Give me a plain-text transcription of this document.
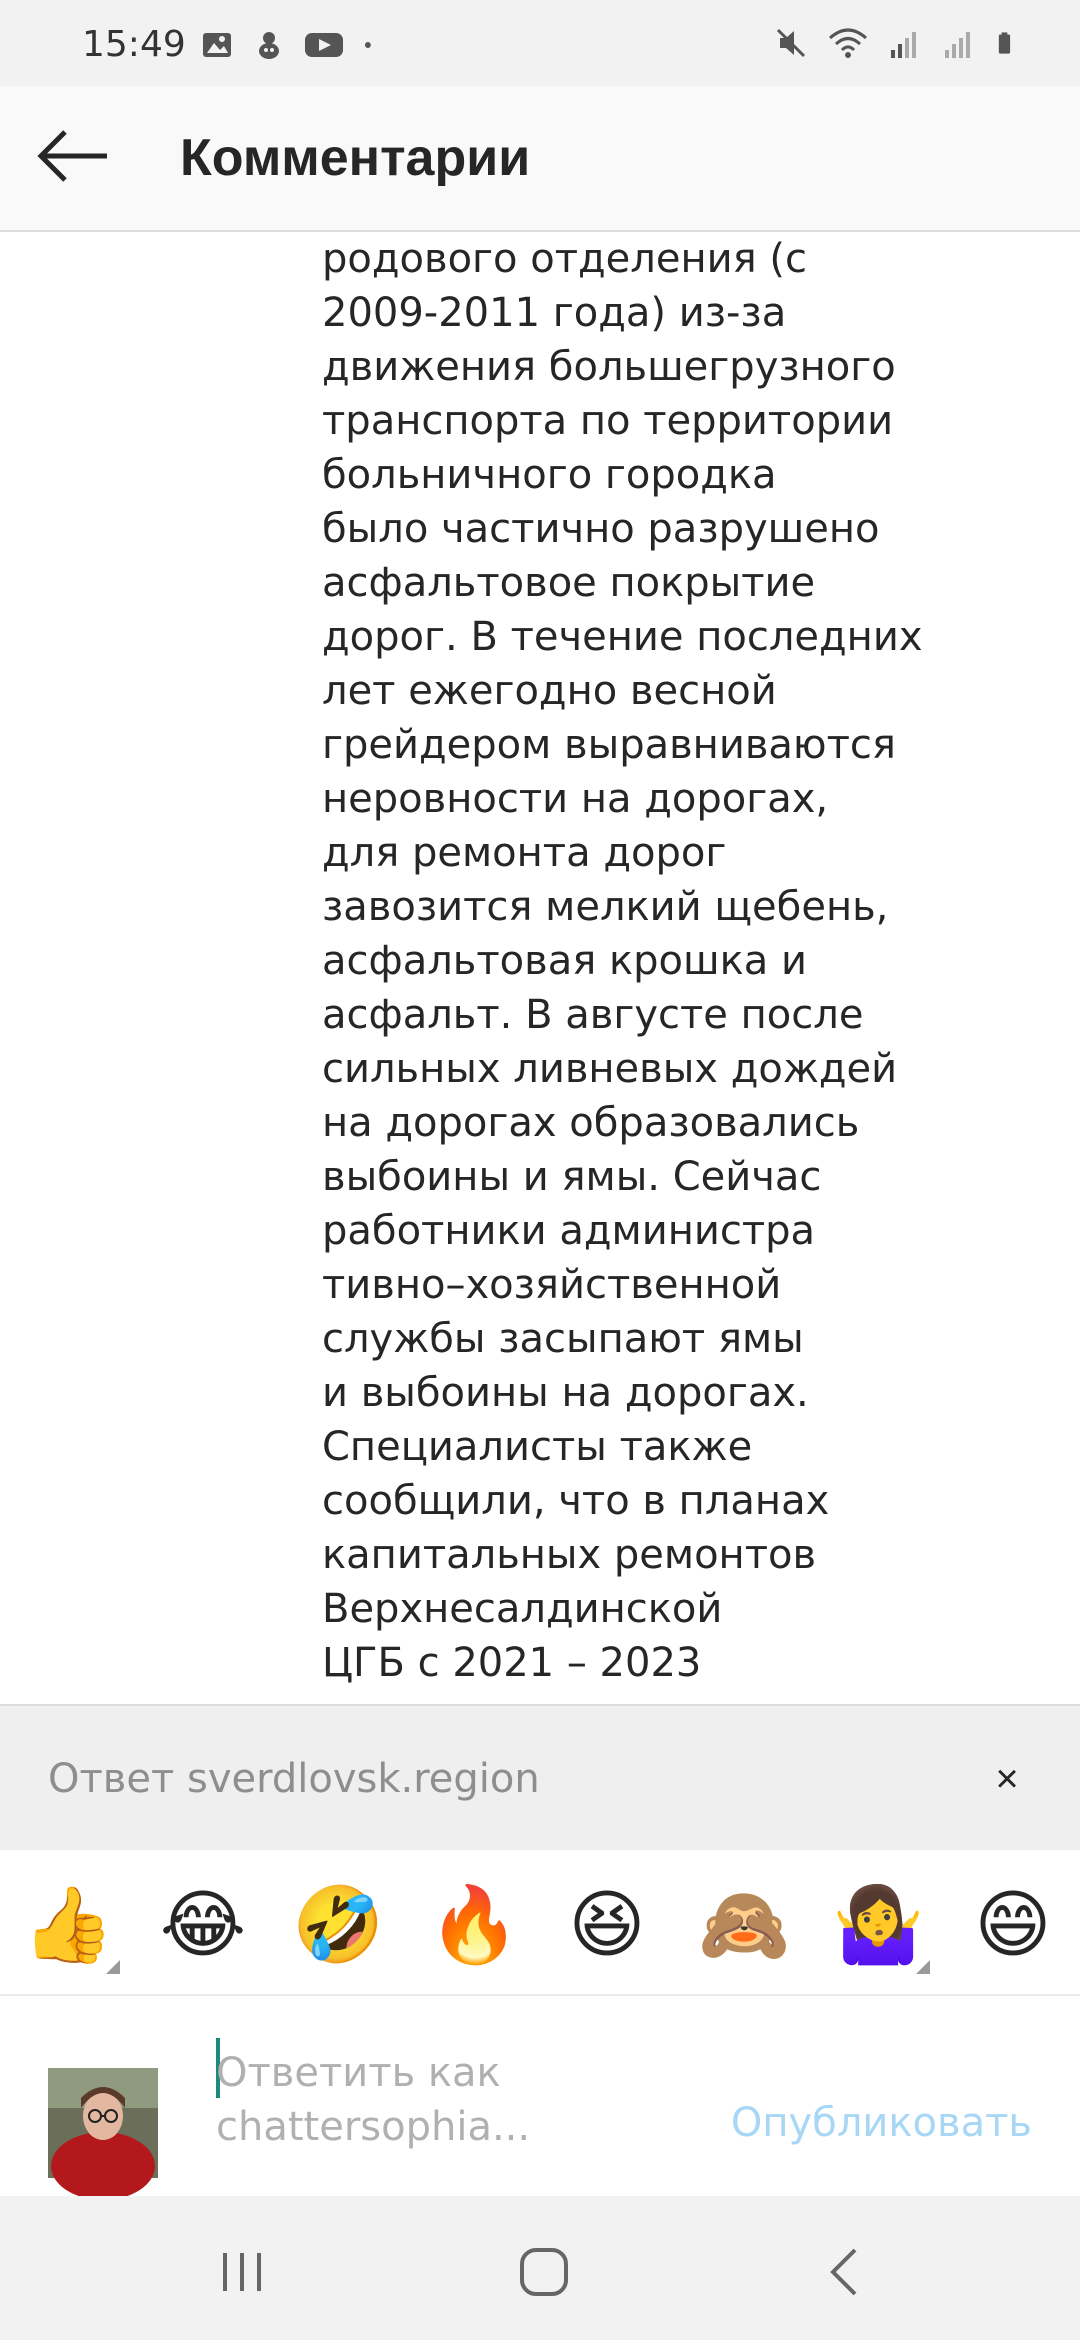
15:49
Комментарии
родового отделения (с
2009-2011 года) из-за
движения большегрузного
транспорта по территории
больничного городка
было частично разрушено
асфальтовое покрытие
дорог. В течение последних
лет ежегодно весной
грейдером выравниваются
неровности на дорогах,
для ремонта дорог
завозится мелкий щебень,
асфальтовая крошка и
асфальт. В августе после
сильных ливневых дождей
на дорогах образовались
выбоины и ямы. Сейчас
работники администра
тивно–хозяйственной
службы засыпают ямы
и выбоины на дорогах.
Специалисты также
сообщили, что в планах
капитальных ремонтов
Верхнесалдинской
ЦГБ с 2021 – 2023
Ответ sverdlovsk.region	×
👍 😂 🤣 🔥 😆 🙈 🤷‍♀️ 😄
Ответить как
chattersophia...	Опубликовать
